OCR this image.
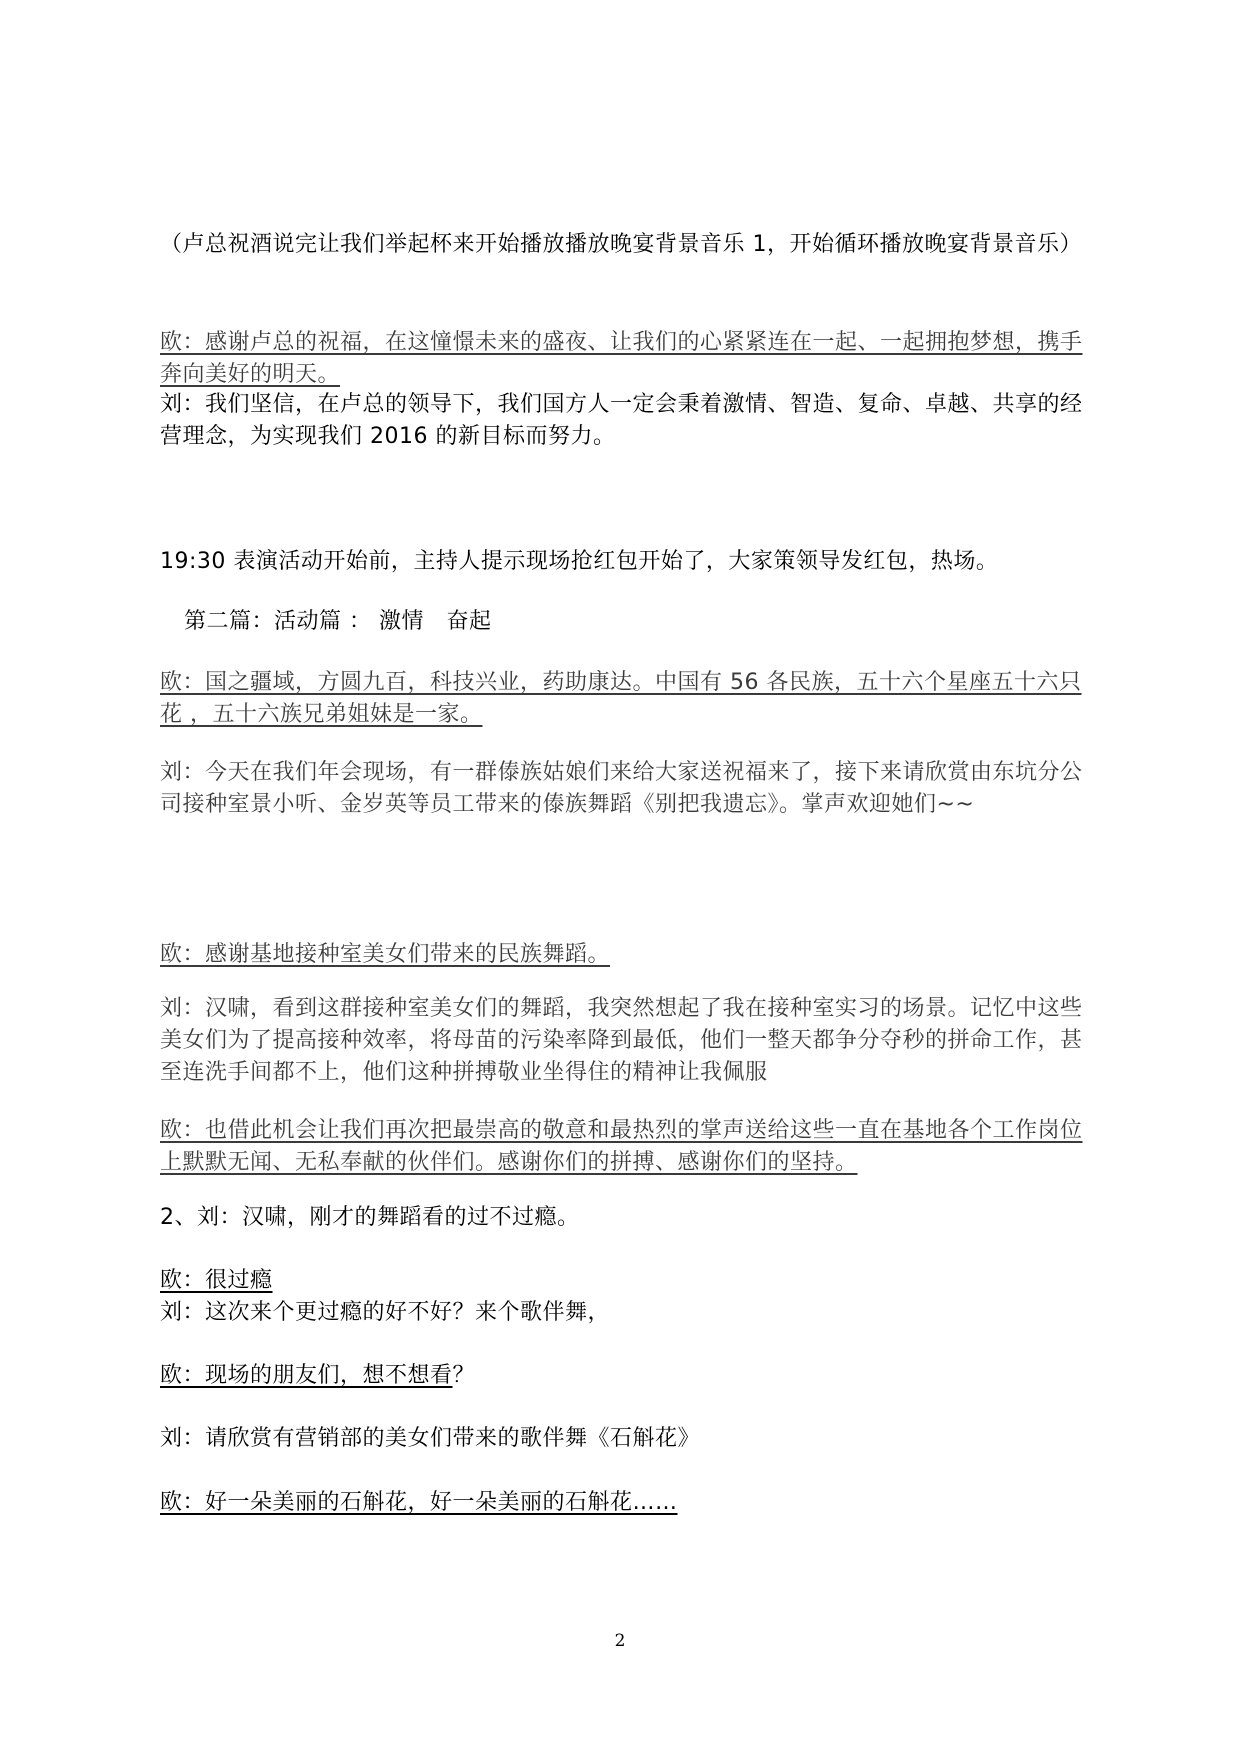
（卢总祝酒说完让我们举起杯来开始播放播放晚宴背景音乐 1，开始循环播放晚宴背景音乐）
欧：感谢卢总的祝福，在这憧憬未来的盛夜、让我们的心紧紧连在一起、一起拥抱梦想，携手奔向美好的明天。
刘：我们坚信，在卢总的领导下，我们国方人一定会秉着激情、智造、复命、卓越、共享的经营理念，为实现我们 2016 的新目标而努力。
19:30 表演活动开始前，主持人提示现场抢红包开始了，大家策领导发红包，热场。
第二篇：活动篇 ： 激情　奋起
欧：国之疆域，方圆九百，科技兴业，药助康达。中国有 56 各民族，五十六个星座五十六只花 ，五十六族兄弟姐妹是一家。
刘：今天在我们年会现场，有一群傣族姑娘们来给大家送祝福来了，接下来请欣赏由东坑分公司接种室景小听、金岁英等员工带来的傣族舞蹈《别把我遗忘》。掌声欢迎她们~~
欧：感谢基地接种室美女们带来的民族舞蹈。
刘：汉啸，看到这群接种室美女们的舞蹈，我突然想起了我在接种室实习的场景。记忆中这些美女们为了提高接种效率，将母苗的污染率降到最低，他们一整天都争分夺秒的拼命工作，甚至连洗手间都不上，他们这种拼搏敬业坐得住的精神让我佩服
欧：也借此机会让我们再次把最崇高的敬意和最热烈的掌声送给这些一直在基地各个工作岗位上默默无闻、无私奉献的伙伴们。感谢你们的拼搏、感谢你们的坚持。
2、刘：汉啸，刚才的舞蹈看的过不过瘾。
欧：很过瘾
刘：这次来个更过瘾的好不好？来个歌伴舞，
欧：现场的朋友们，想不想看？
刘：请欣赏有营销部的美女们带来的歌伴舞《石斛花》
欧：好一朵美丽的石斛花，好一朵美丽的石斛花……
2
